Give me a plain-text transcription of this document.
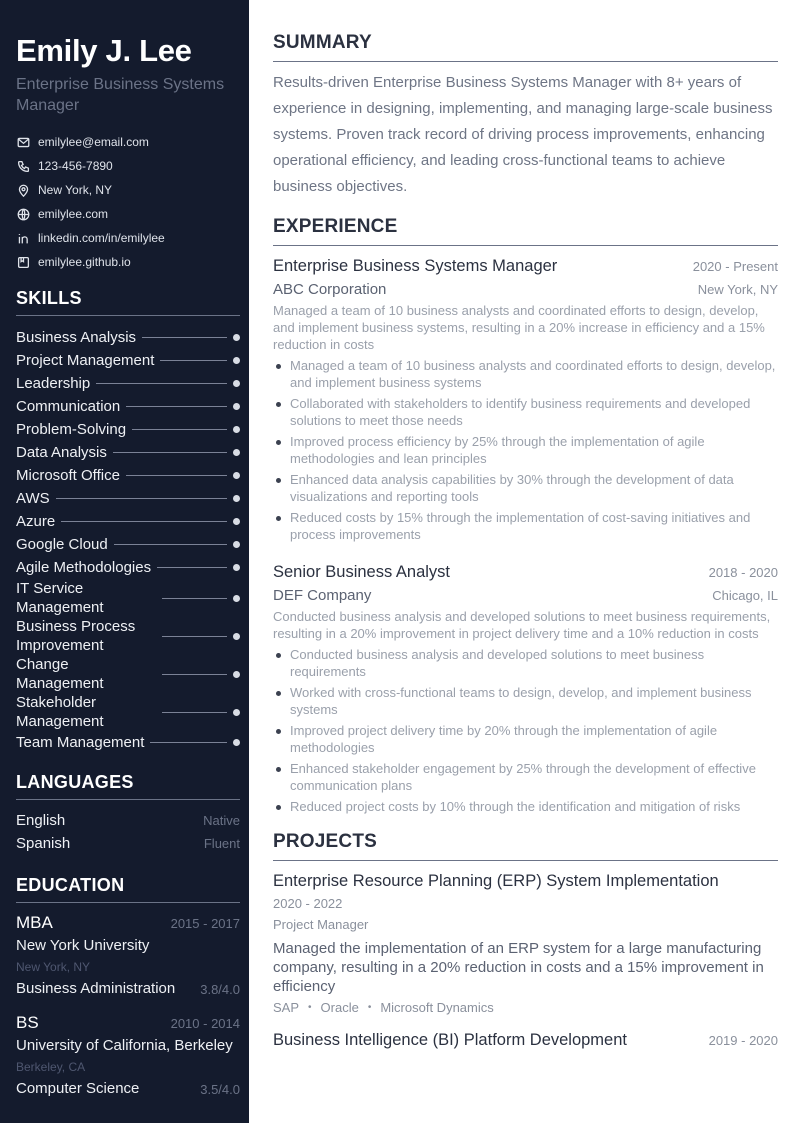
Emily J. Lee
Enterprise Business Systems Manager
emilylee@email.com
123-456-7890
New York, NY
emilylee.com
linkedin.com/in/emilylee
emilylee.github.io
SKILLS
Business Analysis
Project Management
Leadership
Communication
Problem-Solving
Data Analysis
Microsoft Office
AWS
Azure
Google Cloud
Agile Methodologies
IT Service Management
Business Process Improvement
Change Management
Stakeholder Management
Team Management
LANGUAGES
English	Native
Spanish	Fluent
EDUCATION
MBA	2015 - 2017
New York University
New York, NY
Business Administration 3.8/4.0
BS	2010 - 2014
University of California, Berkeley
Berkeley, CA
Computer Science	3.5/4.0
SUMMARY

Results-driven Enterprise Business Systems Manager with 8+ years of experience in designing, implementing, and managing large-scale business systems. Proven track record of driving process improvements, enhancing operational efficiency, and leading cross-functional teams to achieve business objectives.

EXPERIENCE
Enterprise Business Systems Manager	2020 - Present
ABC Corporation	New York, NY

Managed a team of 10 business analysts and coordinated efforts to design, develop, and implement business systems, resulting in a 20% increase in efficiency and a 15% reduction in costs

Managed a team of 10 business analysts and coordinated efforts to design, develop, and implement business systems
Collaborated with stakeholders to identify business requirements and developed solutions to meet those needs
Improved process efficiency by 25% through the implementation of agile methodologies and lean principles
Enhanced data analysis capabilities by 30% through the development of data visualizations and reporting tools
Reduced costs by 15% through the implementation of cost-saving initiatives and process improvements
Senior Business Analyst	2018 - 2020
DEF Company	Chicago, IL

Conducted business analysis and developed solutions to meet business requirements, resulting in a 20% improvement in project delivery time and a 10% reduction in costs

Conducted business analysis and developed solutions to meet business requirements
Worked with cross-functional teams to design, develop, and implement business systems
Improved project delivery time by 20% through the implementation of agile methodologies
Enhanced stakeholder engagement by 25% through the development of effective communication plans
Reduced project costs by 10% through the identification and mitigation of risks
PROJECTS
Enterprise Resource Planning (ERP) System Implementation
2020 - 2022
Project Manager

Managed the implementation of an ERP system for a large manufacturing company, resulting in a 20% reduction in costs and a 15% improvement in efficiency

SAP • Oracle • Microsoft Dynamics
Business Intelligence (BI) Platform Development	2019 - 2020
